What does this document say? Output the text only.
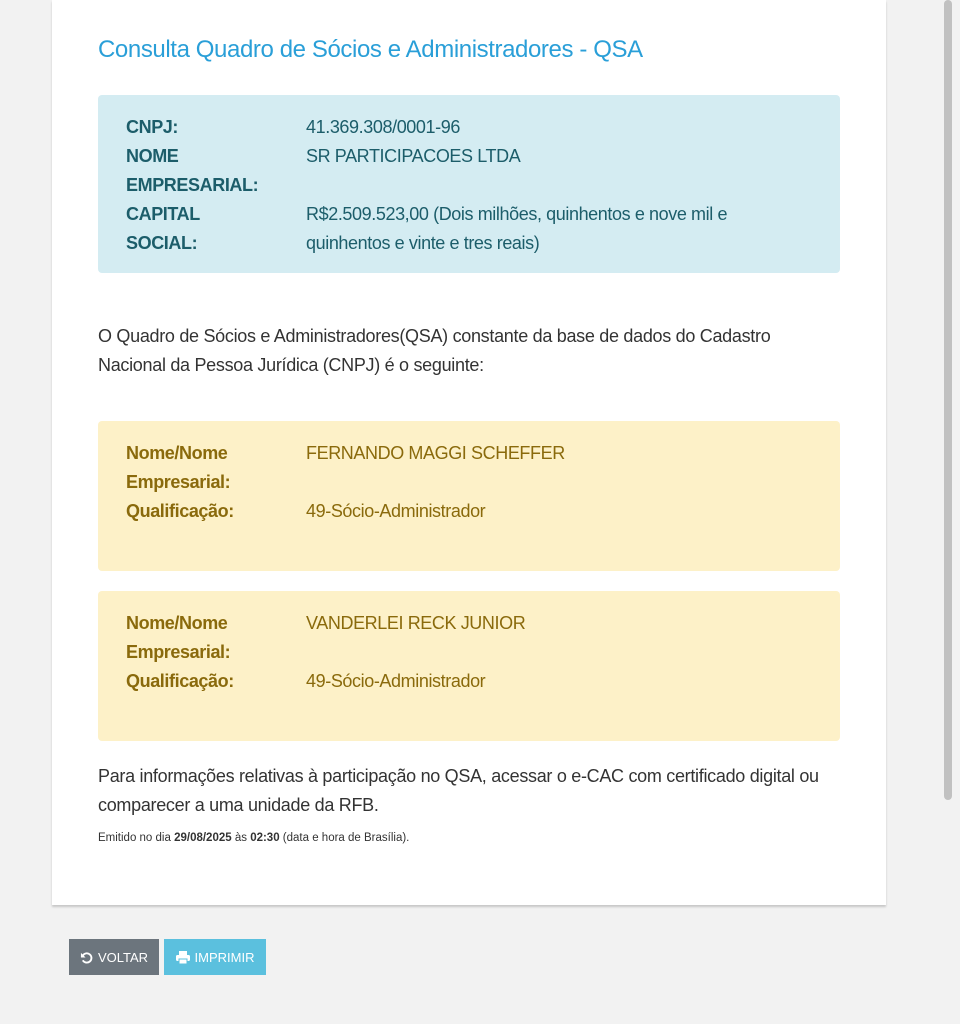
Consulta Quadro de Sócios e Administradores - QSA
CNPJ:	41.369.308/0001-96
NOME	SR PARTICIPACOES LTDA
EMPRESARIAL:
CAPITAL	R$2.509.523,00 (Dois milhões, quinhentos e nove mil e
SOCIAL:	quinhentos e vinte e tres reais)

O Quadro de Sócios e Administradores(QSA) constante da base de dados do Cadastro Nacional da Pessoa Jurídica (CNPJ) é o seguinte:

Nome/Nome	FERNANDO MAGGI SCHEFFER
Empresarial:
Qualificação:	49-Sócio-Administrador
Nome/Nome	VANDERLEI RECK JUNIOR
Empresarial:
Qualificação:	49-Sócio-Administrador

Para informações relativas à participação no QSA, acessar o e-CAC com certificado digital ou comparecer a uma unidade da RFB.

Emitido no dia 29/08/2025 às 02:30 (data e hora de Brasília).
VOLTAR	IMPRIMIR
